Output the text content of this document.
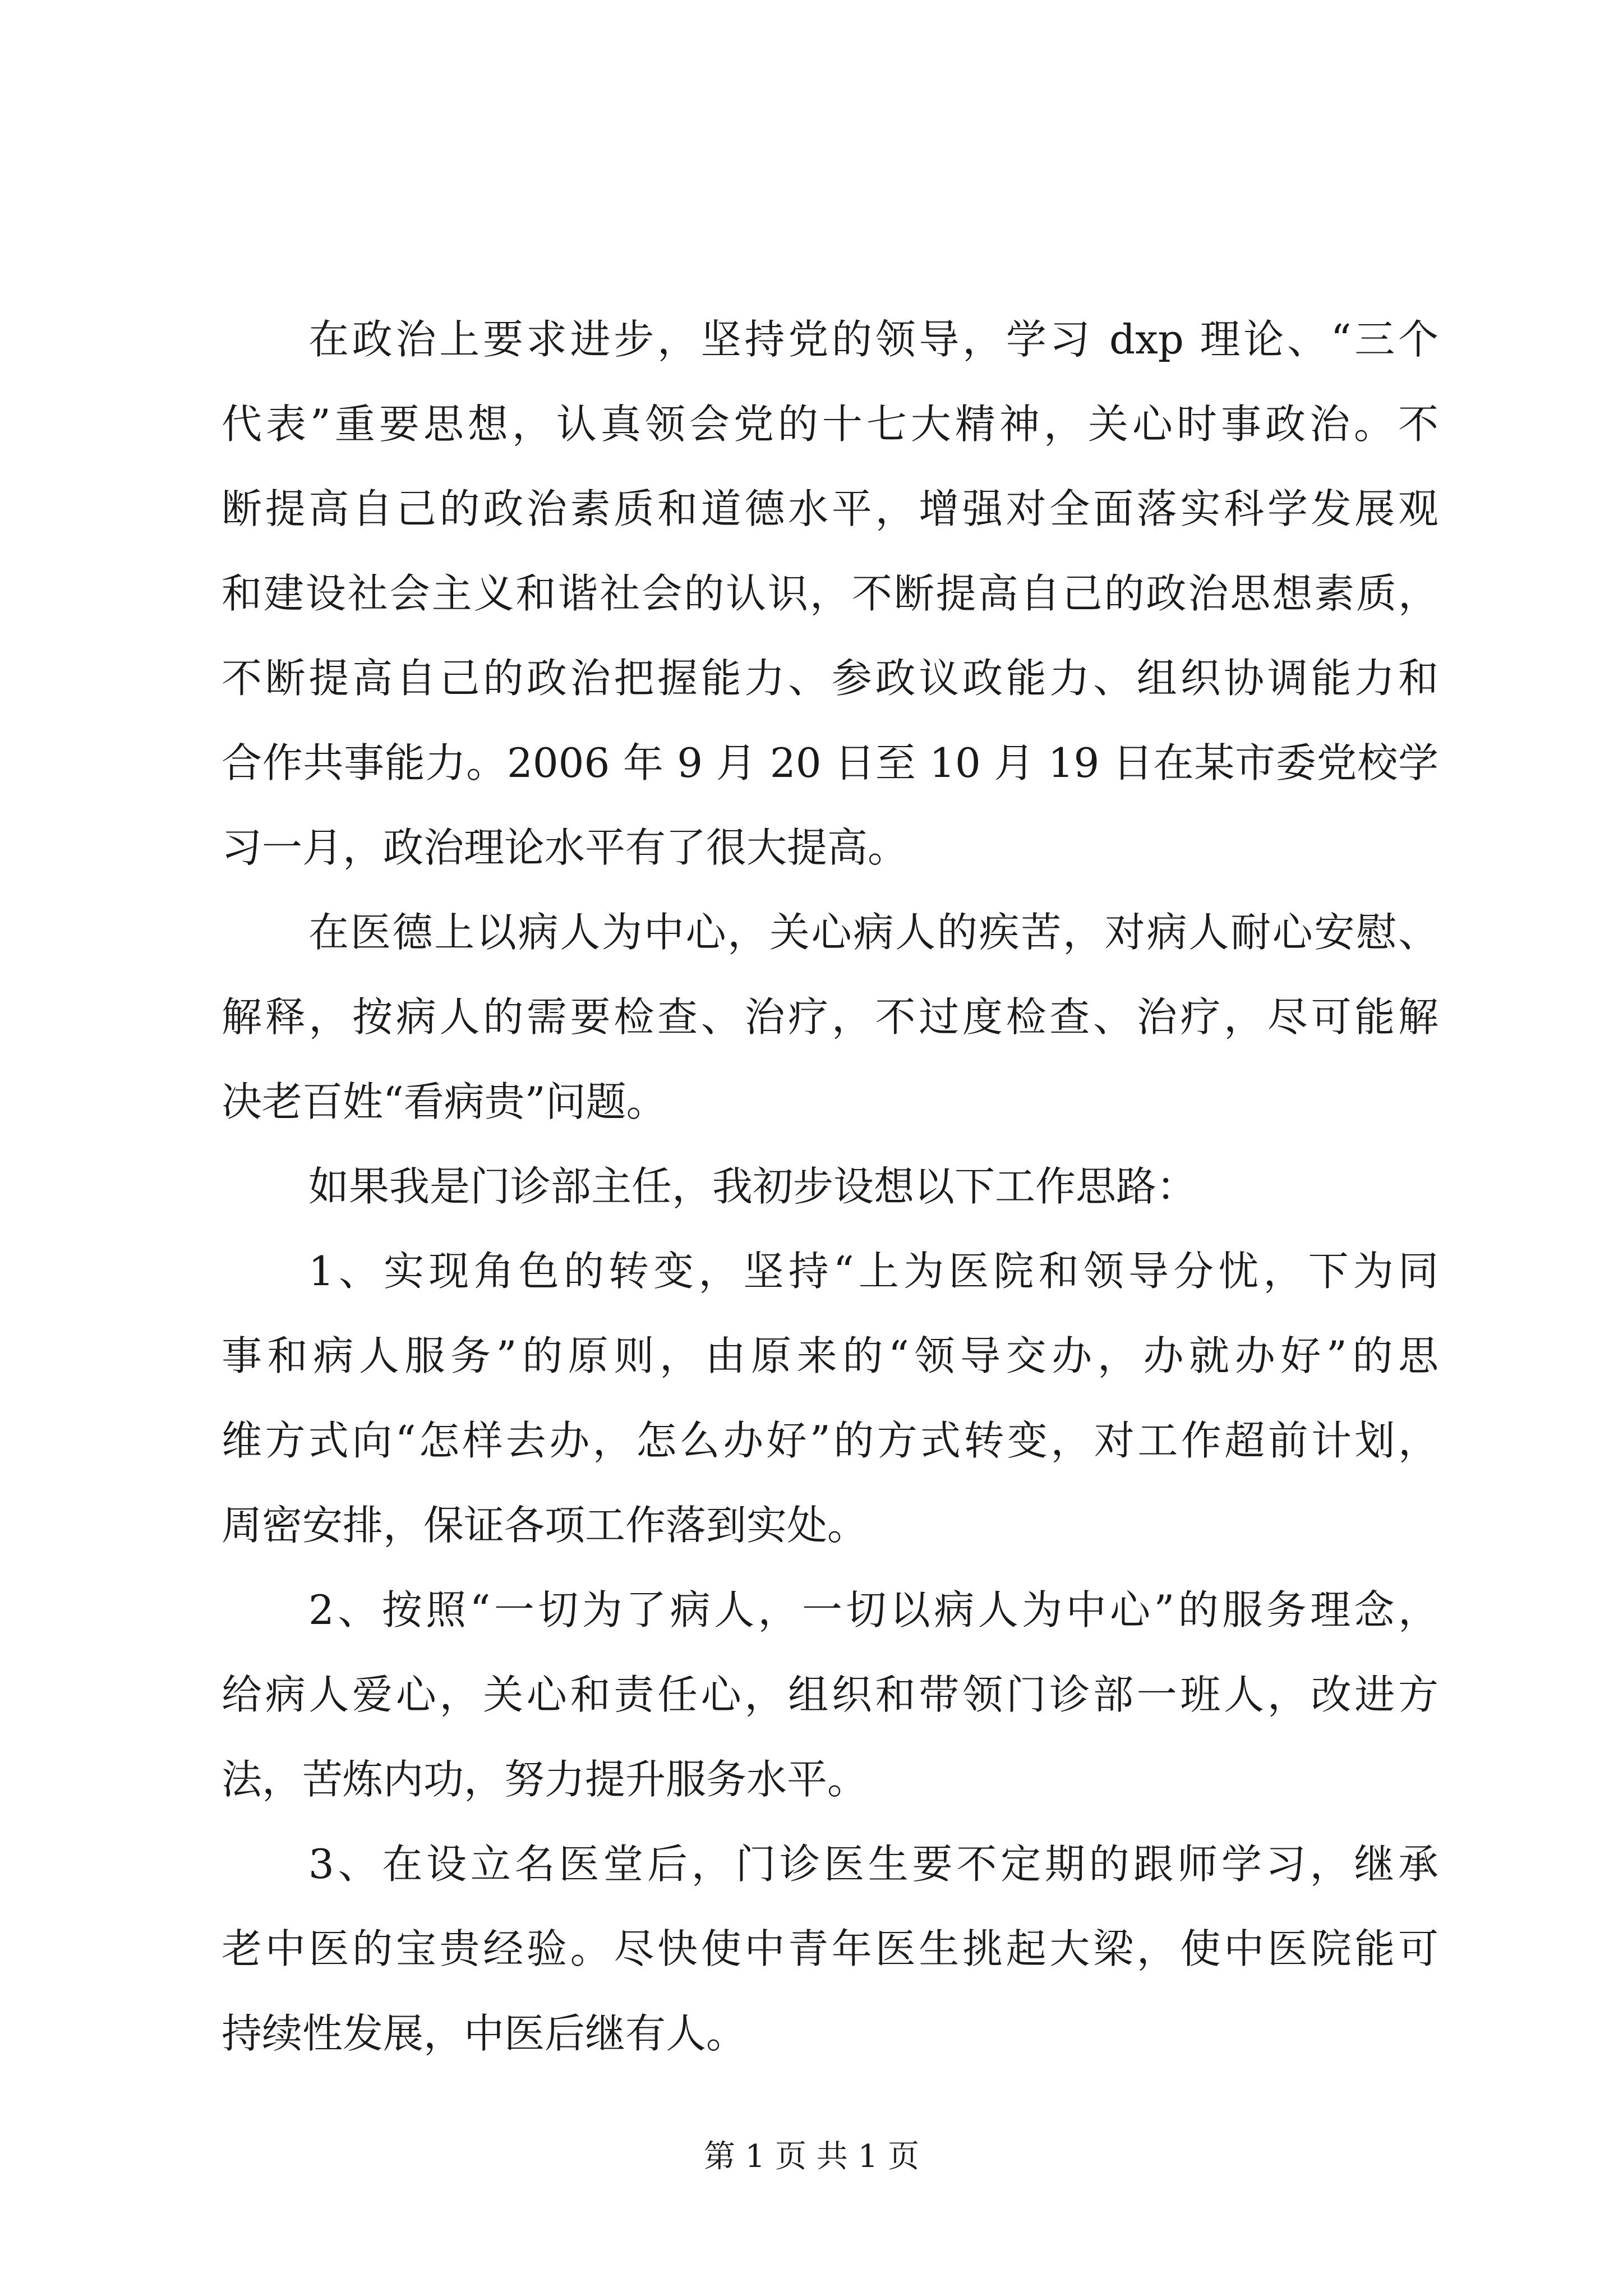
在政治上要求进步，坚持党的领导，学习 dxp 理论、“三个
代表”重要思想，认真领会党的十七大精神，关心时事政治。不
断提高自己的政治素质和道德水平，增强对全面落实科学发展观
和建设社会主义和谐社会的认识，不断提高自己的政治思想素质，
不断提高自己的政治把握能力、参政议政能力、组织协调能力和
合作共事能力。2006 年 9 月 20 日至 10 月 19 日在某市委党校学
习一月，政治理论水平有了很大提高。
在医德上以病人为中心，关心病人的疾苦，对病人耐心安慰、
解释，按病人的需要检查、治疗，不过度检查、治疗，尽可能解
决老百姓“看病贵”问题。
如果我是门诊部主任，我初步设想以下工作思路：
1、实现角色的转变，坚持“上为医院和领导分忧，下为同
事和病人服务”的原则，由原来的“领导交办，办就办好”的思
维方式向“怎样去办，怎么办好”的方式转变，对工作超前计划，
周密安排，保证各项工作落到实处。
2、按照“一切为了病人，一切以病人为中心”的服务理念，
给病人爱心，关心和责任心，组织和带领门诊部一班人，改进方
法，苦炼内功，努力提升服务水平。
3、在设立名医堂后，门诊医生要不定期的跟师学习，继承
老中医的宝贵经验。尽快使中青年医生挑起大梁，使中医院能可
持续性发展，中医后继有人。
第 1 页 共 1 页
